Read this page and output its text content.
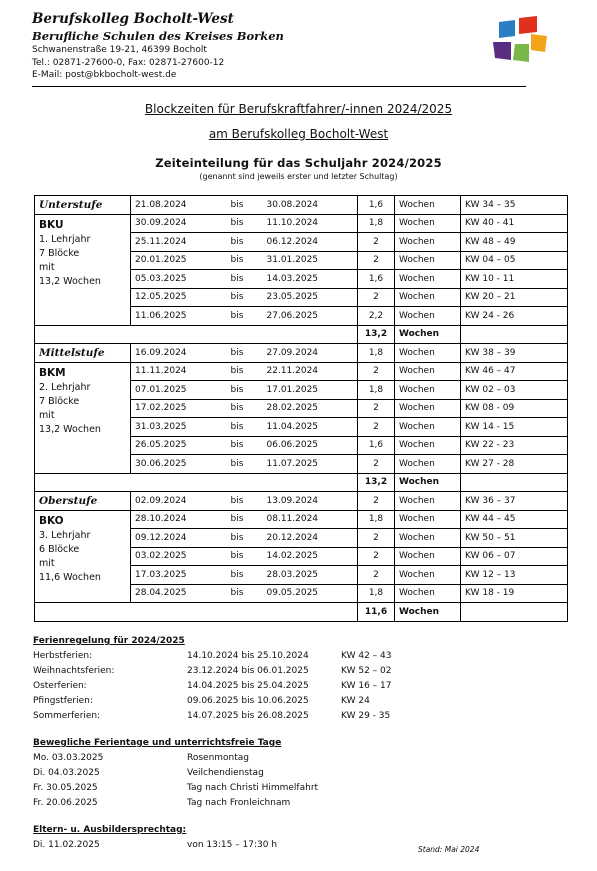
Berufskolleg Bocholt-West
Berufliche Schulen des Kreises Borken
Schwanenstraße 19-21, 46399 Bocholt
Tel.: 02871-27600-0, Fax: 02871-27600-12
E-Mail: post@bkbocholt-west.de
Blockzeiten für Berufskraftfahrer/-innen 2024/2025
am Berufskolleg Bocholt-West
Zeiteinteilung für das Schuljahr 2024/2025
(genannt sind jeweils erster und letzter Schultag)
Unterstufe	21.08.2024	bis	30.08.2024	1,6	Wochen	KW 34 – 35

BKU
1. Lehrjahr
7 Blöcke
mit
13,2 Wochen	30.09.2024	bis	11.10.2024	1,8	Wochen	KW 40 - 41
	25.11.2024	bis	06.12.2024	2	Wochen	KW 48 – 49
	20.01.2025	bis	31.01.2025	2	Wochen	KW 04 – 05
	05.03.2025	bis	14.03.2025	1,6	Wochen	KW 10 - 11
	12.05.2025	bis	23.05.2025	2	Wochen	KW 20 – 21
	11.06.2025	bis	27.06.2025	2,2	Wochen	KW 24 - 26
				13,2	Wochen	
Mittelstufe	16.09.2024	bis	27.09.2024	1,8	Wochen	KW 38 – 39

BKM
2. Lehrjahr
7 Blöcke
mit
13,2 Wochen	11.11.2024	bis	22.11.2024	2	Wochen	KW 46 – 47
	07.01.2025	bis	17.01.2025	1,8	Wochen	KW 02 – 03
	17.02.2025	bis	28.02.2025	2	Wochen	KW 08 - 09
	31.03.2025	bis	11.04.2025	2	Wochen	KW 14 - 15
	26.05.2025	bis	06.06.2025	1,6	Wochen	KW 22 - 23
	30.06.2025	bis	11.07.2025	2	Wochen	KW 27 - 28
				13,2	Wochen	
Oberstufe	02.09.2024	bis	13.09.2024	2	Wochen	KW 36 – 37

BKO
3. Lehrjahr
6 Blöcke
mit
11,6 Wochen	28.10.2024	bis	08.11.2024	1,8	Wochen	KW 44 – 45
	09.12.2024	bis	20.12.2024	2	Wochen	KW 50 – 51
	03.02.2025	bis	14.02.2025	2	Wochen	KW 06 – 07
	17.03.2025	bis	28.03.2025	2	Wochen	KW 12 – 13
	28.04.2025	bis	09.05.2025	1,8	Wochen	KW 18 - 19
				11,6	Wochen	
Ferienregelung für 2024/2025
Herbstferien:	14.10.2024 bis 25.10.2024	KW 42 – 43
Weihnachtsferien:	23.12.2024 bis 06.01.2025	KW 52 – 02
Osterferien:	14.04.2025 bis 25.04.2025	KW 16 – 17
Pfingstferien:	09.06.2025 bis 10.06.2025	KW 24
Sommerferien:	14.07.2025 bis 26.08.2025	KW 29 - 35
Bewegliche Ferientage und unterrichtsfreie Tage
Mo. 03.03.2025	Rosenmontag
Di. 04.03.2025	Veilchendienstag
Fr. 30.05.2025	Tag nach Christi Himmelfahrt
Fr. 20.06.2025	Tag nach Fronleichnam
Eltern- u. Ausbildersprechtag:
Di. 11.02.2025	von 13:15 – 17:30 h	Stand: Mai 2024
